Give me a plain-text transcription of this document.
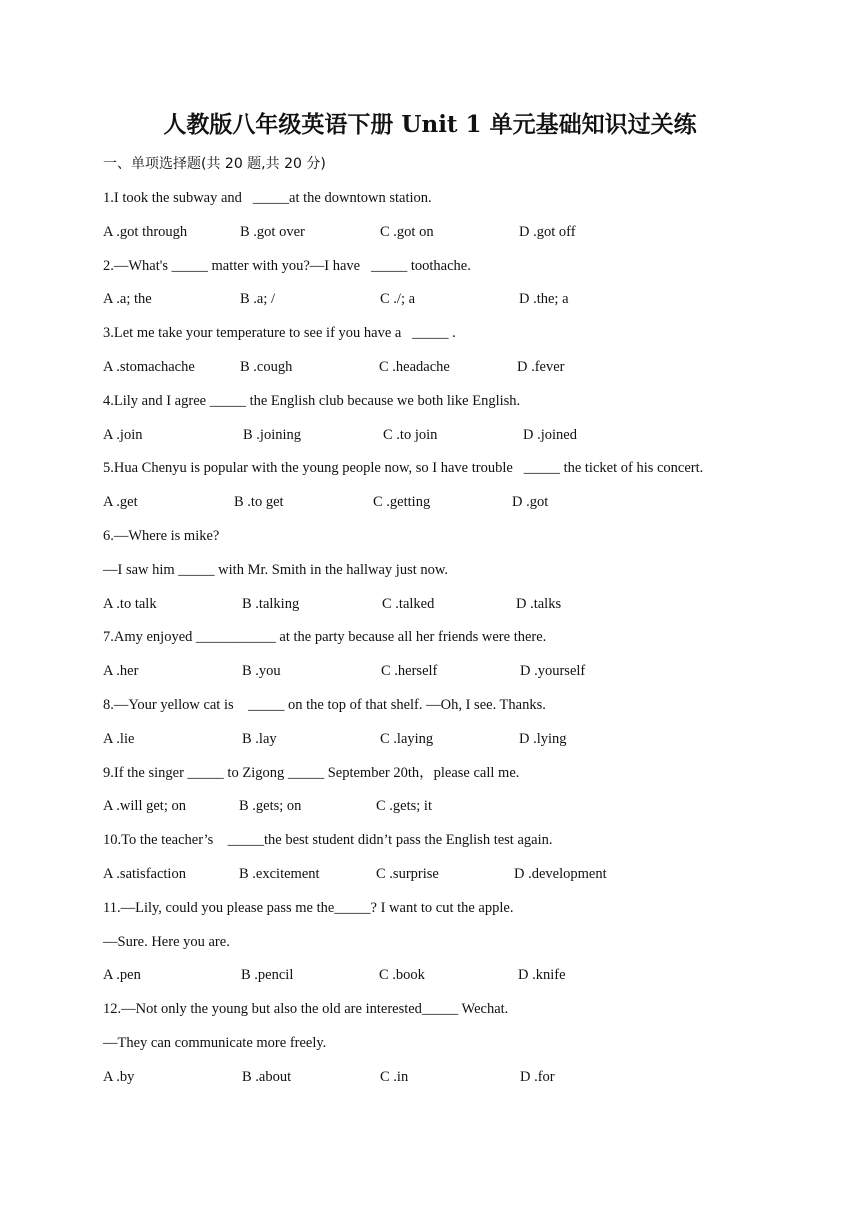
人教版八年级英语下册 Unit 1 单元基础知识过关练
一、单项选择题(共 20 题,共 20 分)
1.I took the subway and   _____at the downtown station.
A .got through	B .got over	C .got on	D .got off
2.—What's _____ matter with you?—I have   _____ toothache.
A .a; the	B .a; /	C ./; a	D .the; a
3.Let me take your temperature to see if you have a   _____ .
A .stomachache	B .cough	C .headache	D .fever
4.Lily and I agree _____ the English club because we both like English.
A .join	B .joining	C .to join	D .joined
5.Hua Chenyu is popular with the young people now, so I have trouble   _____ the ticket of his concert.
A .get	B .to get	C .getting	D .got
6.—Where is mike?
—I saw him _____ with Mr. Smith in the hallway just now.
A .to talk	B .talking	C .talked	D .talks
7.Amy enjoyed ___________ at the party because all her friends were there.
A .her	B .you	C .herself	D .yourself
8.—Your yellow cat is    _____ on the top of that shelf. —Oh, I see. Thanks.
A .lie	B .lay	C .laying	D .lying
9.If the singer _____ to Zigong _____ September 20th，please call me.
A .will get; on	B .gets; on	C .gets; it
10.To the teacher’s    _____the best student didn’t pass the English test again.
A .satisfaction	B .excitement	C .surprise	D .development
11.—Lily, could you please pass me the_____? I want to cut the apple.
—Sure. Here you are.
A .pen	B .pencil	C .book	D .knife
12.—Not only the young but also the old are interested_____ Wechat.
—They can communicate more freely.
A .by	B .about	C .in	D .for
